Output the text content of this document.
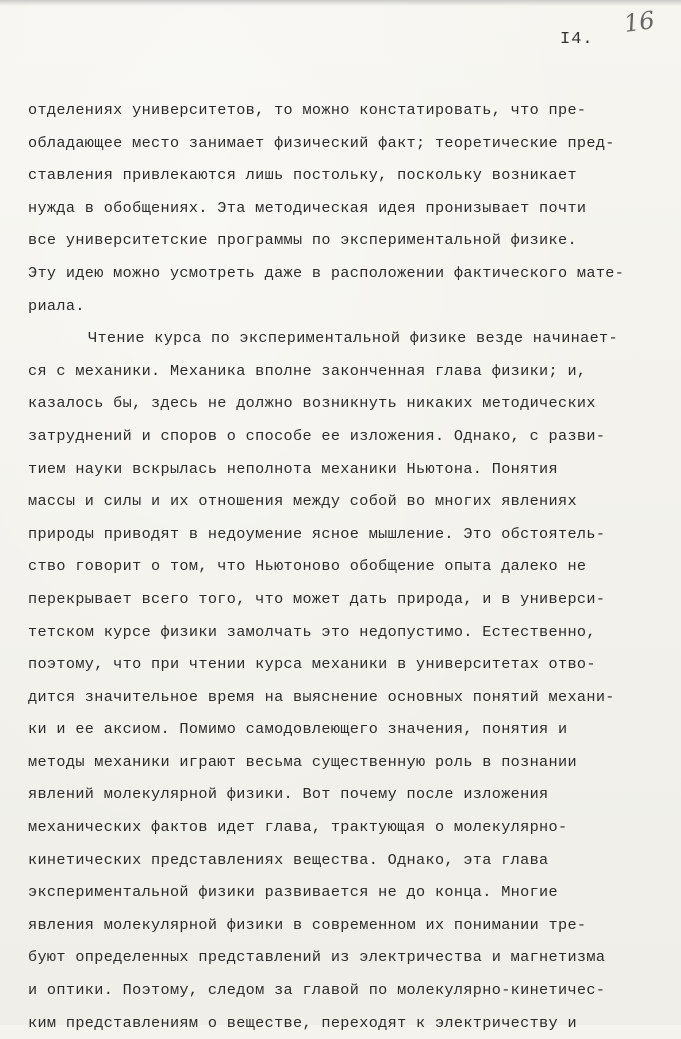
16
I4.
отделениях университетов, то можно констатировать, что пре-
обладающее место занимает физический факт; теоретические пред-
ставления привлекаются лишь постольку, поскольку возникает
нужда в обобщениях. Эта методическая идея пронизывает почти
все университетские программы по экспериментальной физике.
Эту идею можно усмотреть даже в расположении фактического мате-
риала.
Чтение курса по экспериментальной физике везде начинает-
ся с механики. Механика вполне законченная глава физики; и,
казалось бы, здесь не должно возникнуть никаких методических
затруднений и споров о способе ее изложения. Однако, с разви-
тием науки вскрылась неполнота механики Ньютона. Понятия
массы и силы и их отношения между собой во многих явлениях
природы приводят в недоумение ясное мышление. Это обстоятель-
ство говорит о том, что Ньютоново обобщение опыта далеко не
перекрывает всего того, что может дать природа, и в универси-
тетском курсе физики замолчать это недопустимо. Естественно,
поэтому, что при чтении курса механики в университетах отво-
дится значительное время на выяснение основных понятий механи-
ки и ее аксиом. Помимо самодовлеющего значения, понятия и
методы механики играют весьма существенную роль в познании
явлений молекулярной физики. Вот почему после изложения
механических фактов идет глава, трактующая о молекулярно-
кинетических представлениях вещества. Однако, эта глава
экспериментальной физики развивается не до конца. Многие
явления молекулярной физики в современном их понимании тре-
буют определенных представлений из электричества и магнетизма
и оптики. Поэтому, следом за главой по молекулярно-кинетичес-
ким представлениям о веществе, переходят к электричеству и
